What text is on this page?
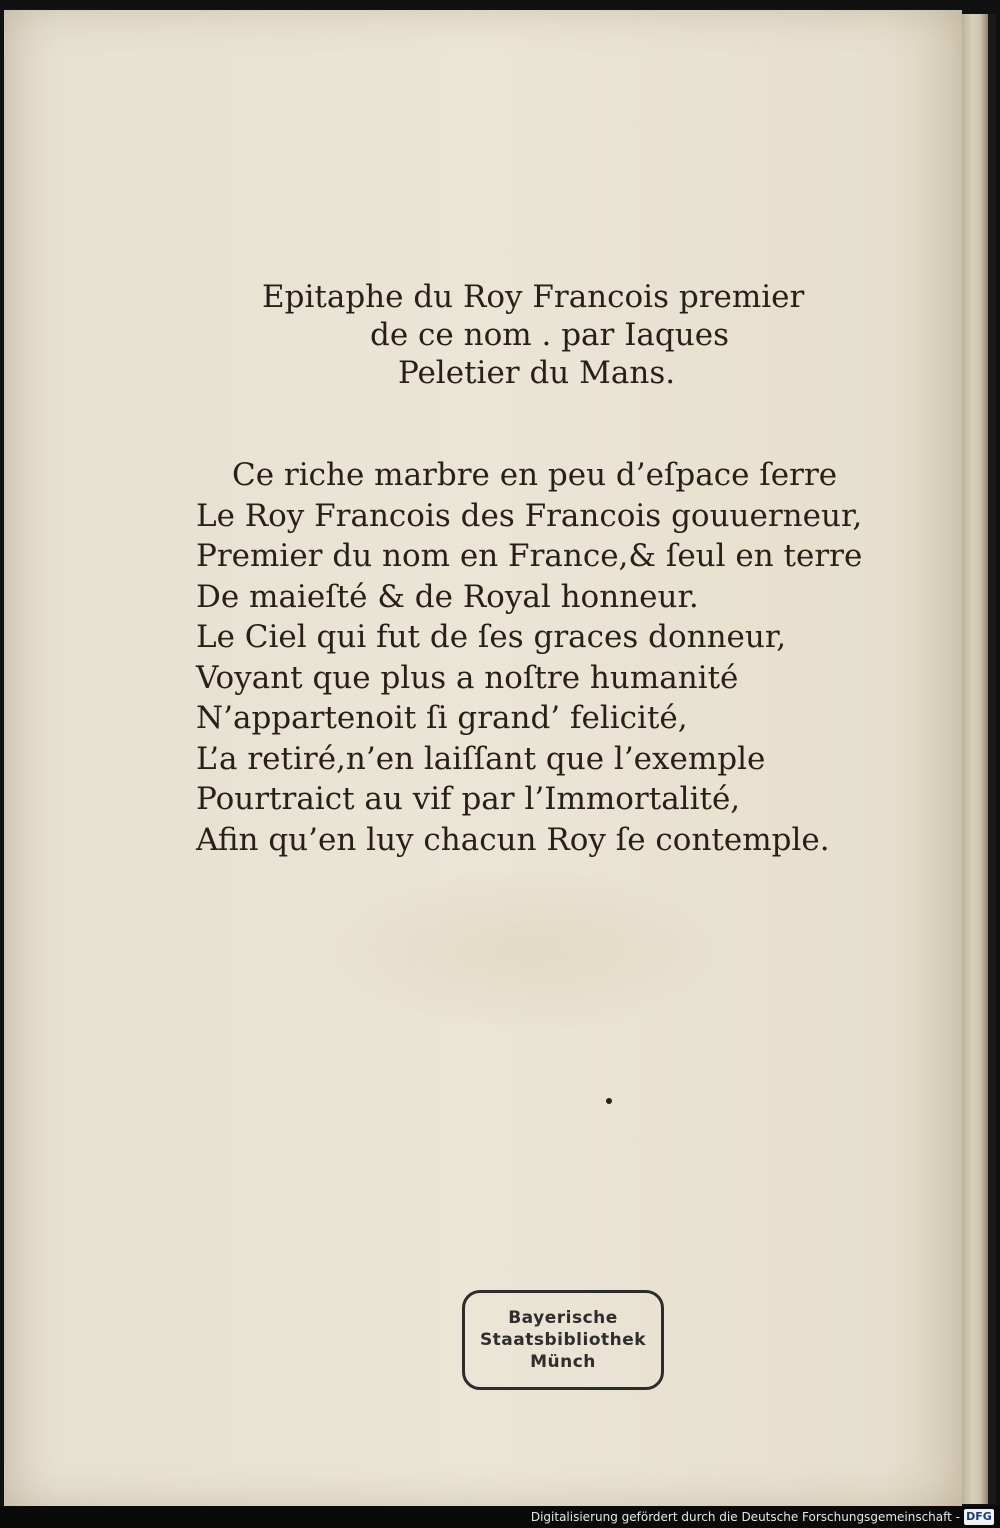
Epitaphe du Roy Francois premier
de ce nom . par Iaques
Peletier du Mans.
Ce riche marbre en peu d’eſpace ſerre
Le Roy Francois des Francois gouuerneur,
Premier du nom en France,& ſeul en terre
De maieſté & de Royal honneur.
Le Ciel qui fut de ſes graces donneur,
Voyant que plus a noſtre humanité
N’appartenoit ſi grand’ felicité,
L’a retiré,n’en laiſſant que l’exemple
Pourtraict au vif par l’Immortalité,
Afin qu’en luy chacun Roy ſe contemple.
Bayerische
Staatsbibliothek
Münch
Digitalisierung gefördert durch die Deutsche Forschungsgemeinschaft - DFG
